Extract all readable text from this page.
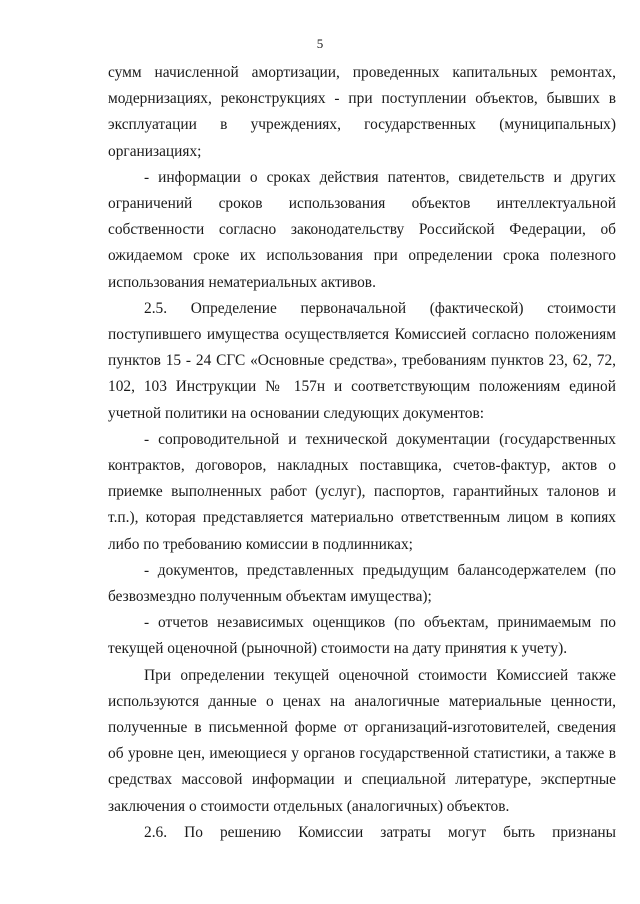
5

сумм начисленной амортизации, проведенных капитальных ремонтах, модернизациях, реконструкциях - при поступлении объектов, бывших в эксплуатации в учреждениях, государственных (муниципальных) организациях;

- информации о сроках действия патентов, свидетельств и других ограничений сроков использования объектов интеллектуальной собственности согласно законодательству Российской Федерации, об ожидаемом сроке их использования при определении срока полезного использования нематериальных активов.

2.5. Определение первоначальной (фактической) стоимости поступившего имущества осуществляется Комиссией согласно положениям пунктов 15 - 24 СГС «Основные средства», требованиям пунктов 23, 62, 72, 102, 103 Инструкции № 157н и соответствующим положениям единой учетной политики на основании следующих документов:

- сопроводительной и технической документации (государственных контрактов, договоров, накладных поставщика, счетов-фактур, актов о приемке выполненных работ (услуг), паспортов, гарантийных талонов и т.п.), которая представляется материально ответственным лицом в копиях либо по требованию комиссии в подлинниках;

- документов, представленных предыдущим балансодержателем (по безвозмездно полученным объектам имущества);

- отчетов независимых оценщиков (по объектам, принимаемым по текущей оценочной (рыночной) стоимости на дату принятия к учету).

При определении текущей оценочной стоимости Комиссией также используются данные о ценах на аналогичные материальные ценности, полученные в письменной форме от организаций-изготовителей, сведения об уровне цен, имеющиеся у органов государственной статистики, а также в средствах массовой информации и специальной литературе, экспертные заключения о стоимости отдельных (аналогичных) объектов.

2.6. По решению Комиссии затраты могут быть признаны
